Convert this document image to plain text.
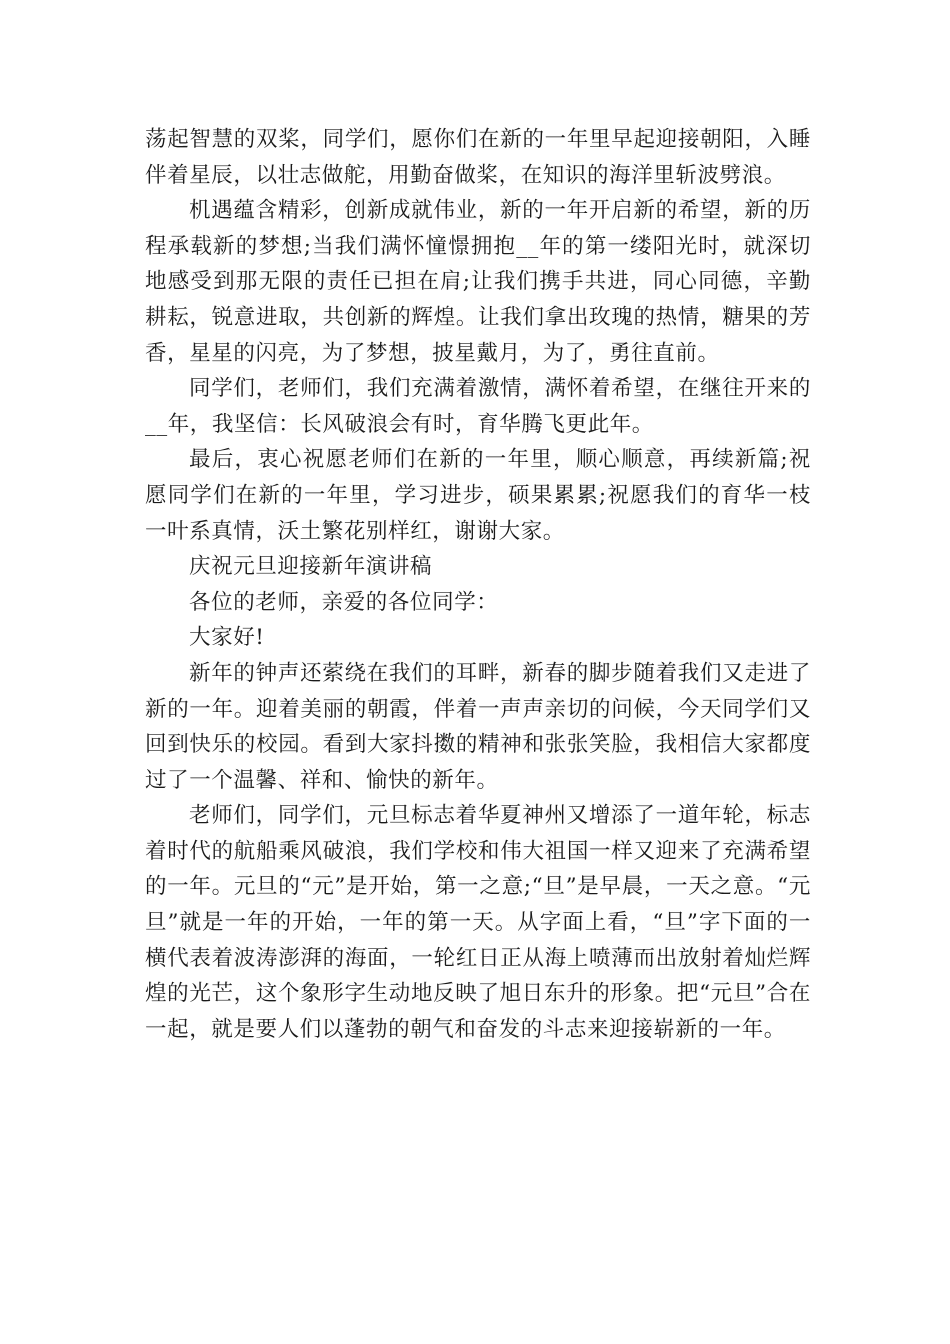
荡起智慧的双桨，同学们，愿你们在新的一年里早起迎接朝阳，入睡伴着星辰，以壮志做舵，用勤奋做桨，在知识的海洋里斩波劈浪。

机遇蕴含精彩，创新成就伟业，新的一年开启新的希望，新的历程承载新的梦想;当我们满怀憧憬拥抱__年的第一缕阳光时，就深切地感受到那无限的责任已担在肩;让我们携手共进，同心同德，辛勤耕耘，锐意进取，共创新的辉煌。让我们拿出玫瑰的热情，糖果的芳香，星星的闪亮，为了梦想，披星戴月，为了，勇往直前。

同学们，老师们，我们充满着激情，满怀着希望，在继往开来的__年，我坚信：长风破浪会有时，育华腾飞更此年。

最后，衷心祝愿老师们在新的一年里，顺心顺意，再续新篇;祝愿同学们在新的一年里，学习进步，硕果累累;祝愿我们的育华一枝一叶系真情，沃土繁花别样红，谢谢大家。

庆祝元旦迎接新年演讲稿

各位的老师，亲爱的各位同学：

大家好!

新年的钟声还萦绕在我们的耳畔，新春的脚步随着我们又走进了新的一年。迎着美丽的朝霞，伴着一声声亲切的问候，今天同学们又回到快乐的校园。看到大家抖擞的精神和张张笑脸，我相信大家都度过了一个温馨、祥和、愉快的新年。

老师们，同学们，元旦标志着华夏神州又增添了一道年轮，标志着时代的航船乘风破浪，我们学校和伟大祖国一样又迎来了充满希望的一年。元旦的“元”是开始，第一之意;“旦”是早晨，一天之意。“元旦”就是一年的开始，一年的第一天。从字面上看，“旦”字下面的一横代表着波涛澎湃的海面，一轮红日正从海上喷薄而出放射着灿烂辉煌的光芒，这个象形字生动地反映了旭日东升的形象。把“元旦”合在一起，就是要人们以蓬勃的朝气和奋发的斗志来迎接崭新的一年。
